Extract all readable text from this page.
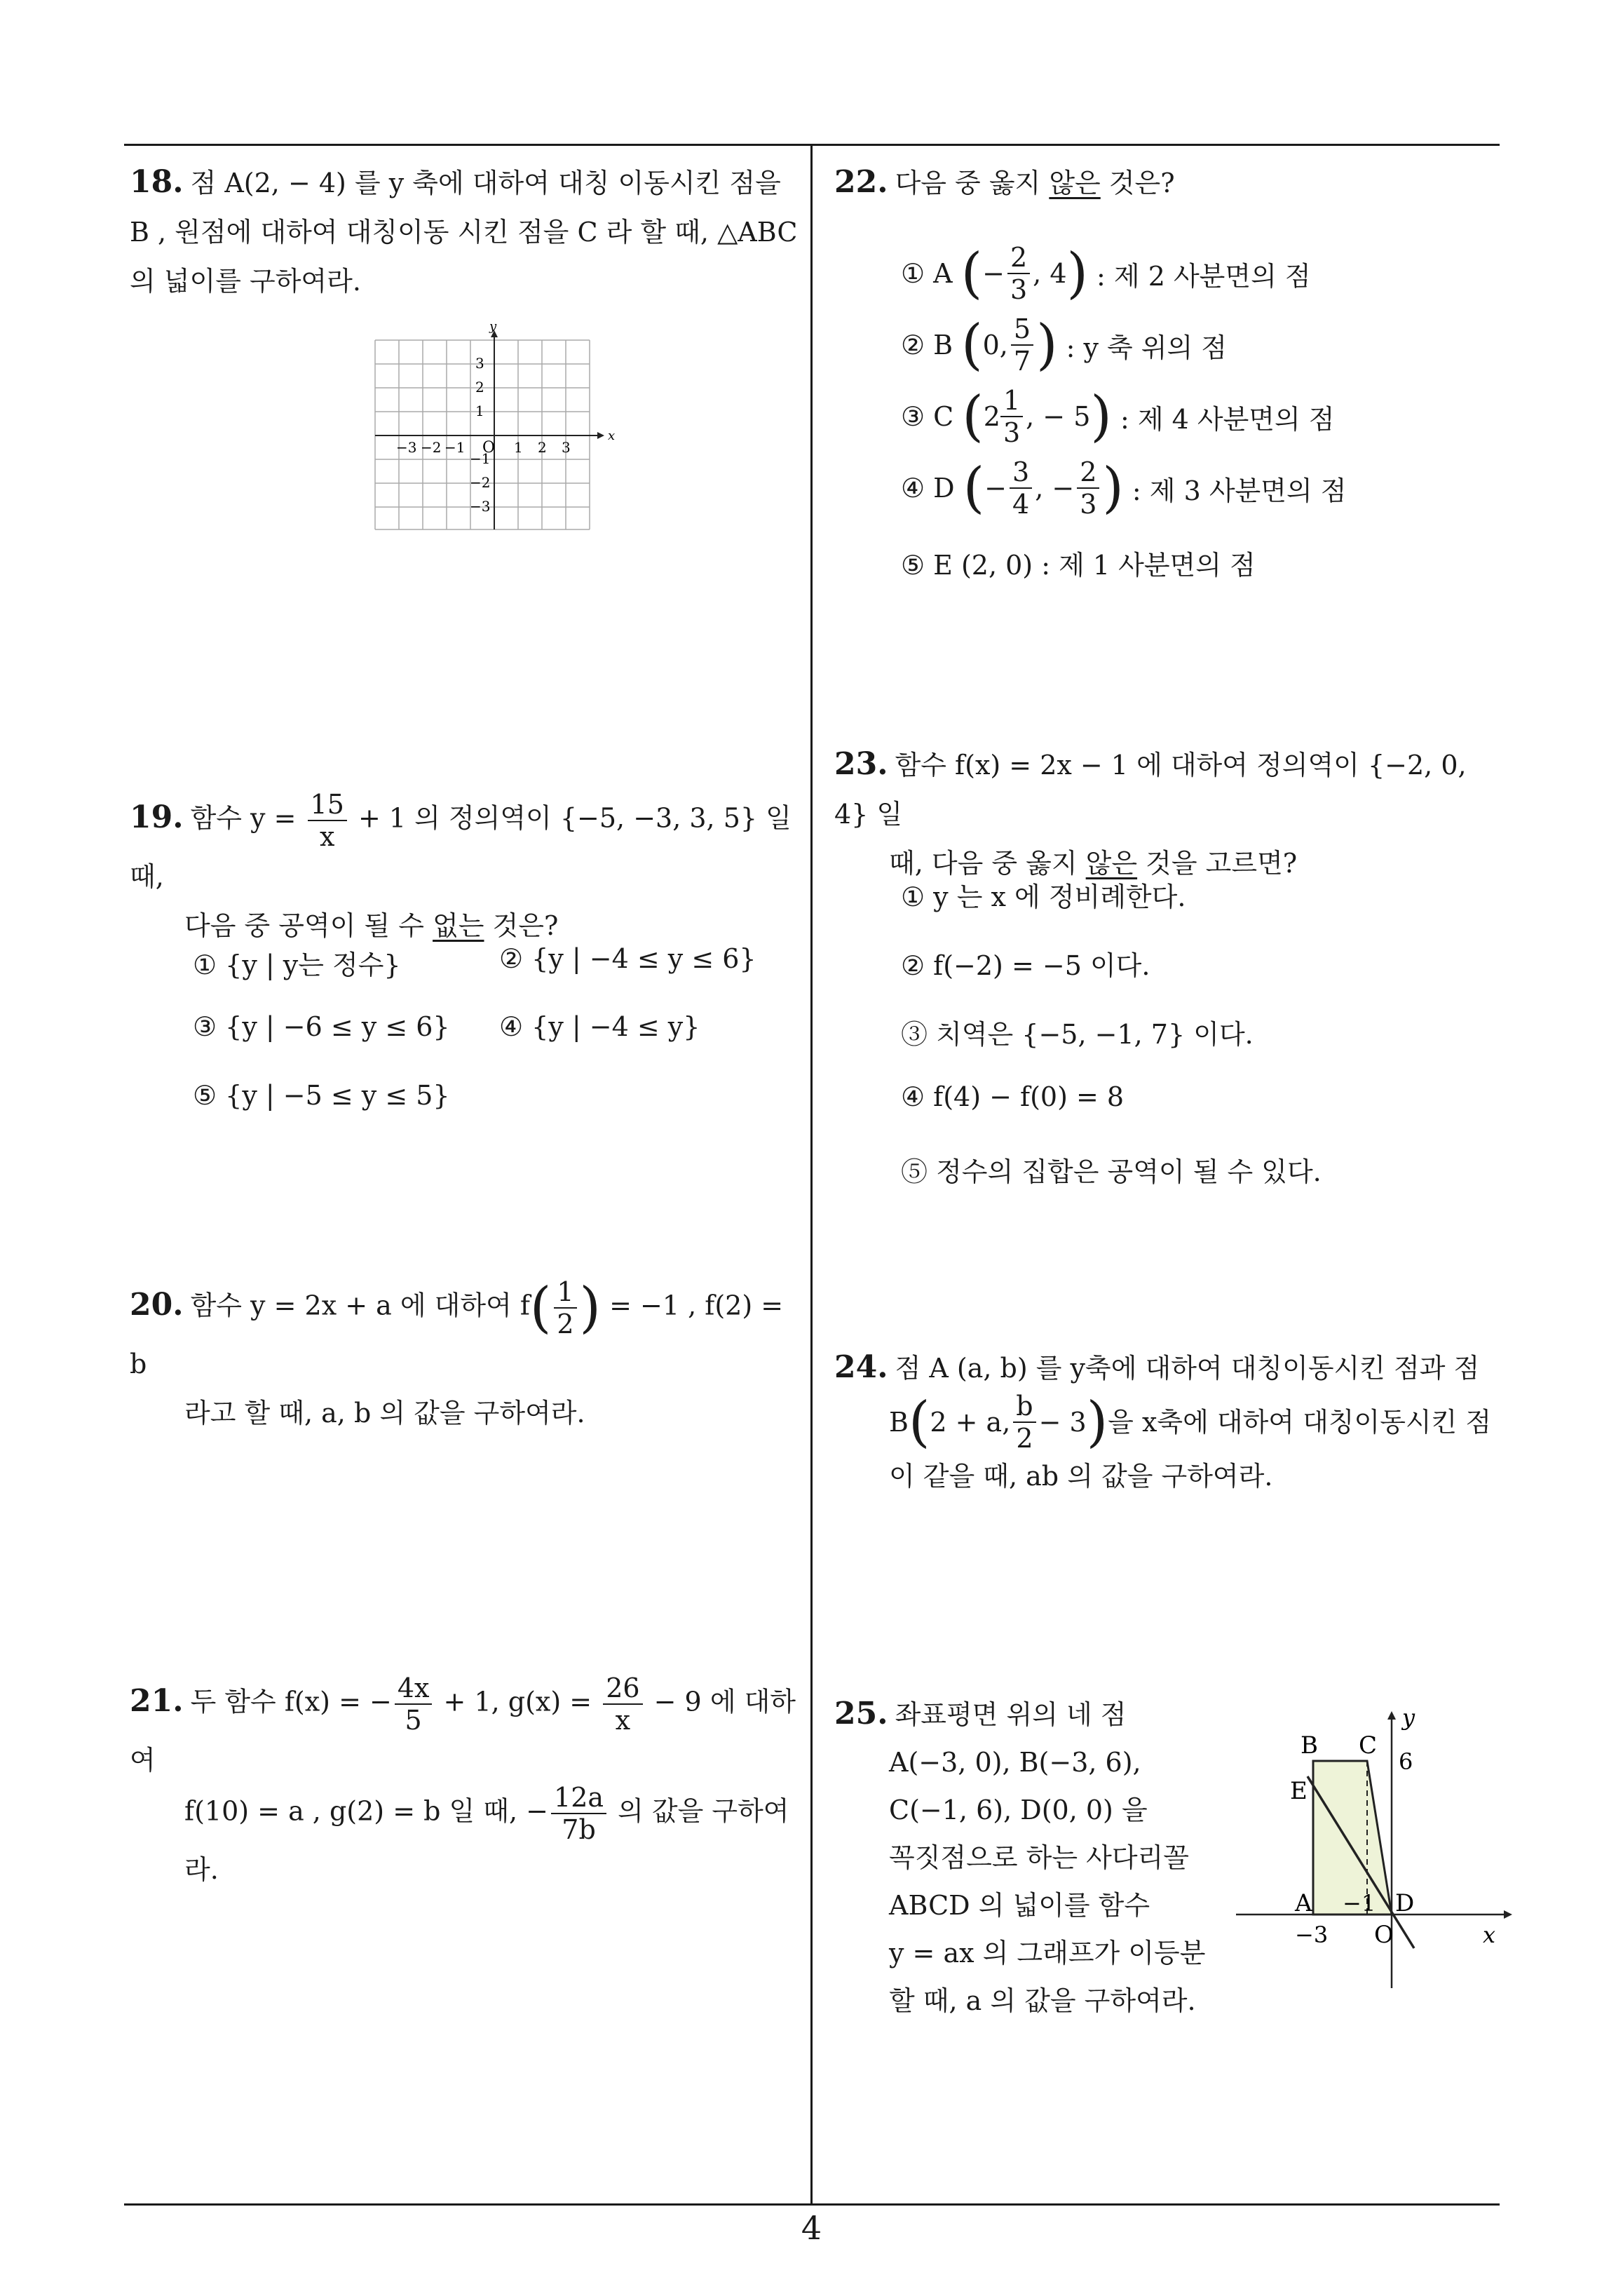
18. 점 A(2, − 4) 를 y 축에 대하여 대칭 이동시킨 점을 B , 원점에 대하여 대칭이동 시킨 점을 C 라 할 때, △ABC 의 넓이를 구하여라.
x
y
O
−3 −2 −1	1 2 3
3
2
1
−1
−2
−3
19. 함수 $y = \frac{15}{x} + 1$ 의 정의역이 {−5, −3, 3, 5} 일 때,
다음 중 공역이 될 수 없는 것은?
① {y | y는 정수}	② {y | −4 ≤ y ≤ 6}
③ {y | −6 ≤ y ≤ 6} ④ {y | −4 ≤ y}
⑤ {y | −5 ≤ y ≤ 5}
20. 함수 y = 2x + a 에 대하여 $f( \frac{1}{2}$ ) = −1 , f(2) = b
라고 할 때, a, b 의 값을 구하여라.
21. 두 함수 f(x) = − $\frac{4x}{5} + 1$, $g(x) = \frac{26}{x} - 9$ 에 대하여
f(10) = a , g(2) = b 일 때, − $\frac{12a}{7b}$ 의 값을 구하여라.
22. 다음 중 옳지 않은 것은?
① A
( − $\frac{2}{3}$ , 4 )
: 제 2 사분면의 점
② B
( 0, $\frac{5}{7}$ )
: y 축 위의 점
③ C
( $2 \frac{1}{3}$ , − 5 )
: 제 4 사분면의 점
④ D
( − $\frac{3}{4}$ , − $\frac{2}{3}$ )
: 제 3 사분면의 점
⑤ E (2, 0) : 제 1 사분면의 점
23. 함수 f(x) = 2x − 1 에 대하여 정의역이 {−2, 0, 4} 일
때, 다음 중 옳지 않은 것을 고르면?
① y 는 x 에 정비례한다.
② f(−2) = −5 이다.
③ 치역은 {−5, −1, 7} 이다.
④ f(4) − f(0) = 8
⑤ 정수의 집합은 공역이 될 수 있다.
24. 점 A (a, b) 를 y축에 대하여 대칭이동시킨 점과 점
B ( 2 + a, $\frac{b}{2} - 3$ ) 을 x축에 대하여 대칭이동시킨 점
이 같을 때, ab 의 값을 구하여라.
25. 좌표평면 위의 네 점
A(−3, 0), B(−3, 6),
C(−1, 6), D(0, 0) 을
꼭짓점으로 하는 사다리꼴
ABCD 의 넓이를 함수
y = ax 의 그래프가 이등분
할 때, a 의 값을 구하여라.
B C
E
A	D
O	x
y
6
−3
−1
4
